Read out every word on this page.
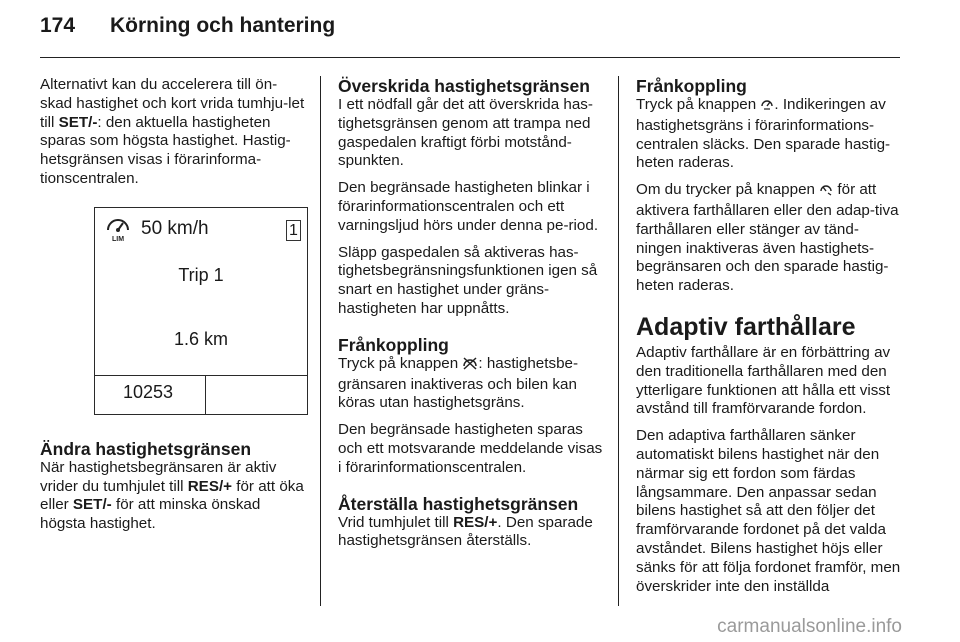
174	Körning och hantering

Alternativt kan du accelerera till ön-skad hastighet och kort vrida tumhju-let till SET/-: den aktuella hastigheten sparas som högsta hastighet. Hastig-hetsgränsen visas i förarinforma-tionscentralen.

LIM
50 km/h	1
Trip 1
1.6 km
10253
Ändra hastighetsgränsen

När hastighetsbegränsaren är aktiv vrider du tumhjulet till RES/+ för att öka eller SET/- för att minska önskad högsta hastighet.

Överskrida hastighetsgränsen

I ett nödfall går det att överskrida has-tighetsgränsen genom att trampa ned gaspedalen kraftigt förbi motstånd-spunkten.

Den begränsade hastigheten blinkar i förarinformationscentralen och ett varningsljud hörs under denna pe-riod.

Släpp gaspedalen så aktiveras has-tighetsbegränsningsfunktionen igen så snart en hastighet under gräns-hastigheten har uppnåtts.

Frånkoppling

Tryck på knappen : hastighetsbe-gränsaren inaktiveras och bilen kan köras utan hastighetsgräns.

Den begränsade hastigheten sparas och ett motsvarande meddelande visas i förarinformationscentralen.

Återställa hastighetsgränsen

Vrid tumhjulet till RES/+. Den sparade hastighetsgränsen återställs.

Frånkoppling

Tryck på knappen . Indikeringen av hastighetsgräns i förarinformations-centralen släcks. Den sparade hastig-heten raderas.

Om du trycker på knappen  för att aktivera farthållaren eller den adap-tiva farthållaren eller stänger av tänd-ningen inaktiveras även hastighets-begränsaren och den sparade hastig-heten raderas.

Adaptiv farthållare

Adaptiv farthållare är en förbättring av den traditionella farthållaren med den ytterligare funktionen att hålla ett visst avstånd till framförvarande fordon.

Den adaptiva farthållaren sänker automatiskt bilens hastighet när den närmar sig ett fordon som färdas långsammare. Den anpassar sedan bilens hastighet så att den följer det framförvarande fordonet på det valda avståndet. Bilens hastighet höjs eller sänks för att följa fordonet framför, men överskrider inte den inställda

carmanualsonline.info
